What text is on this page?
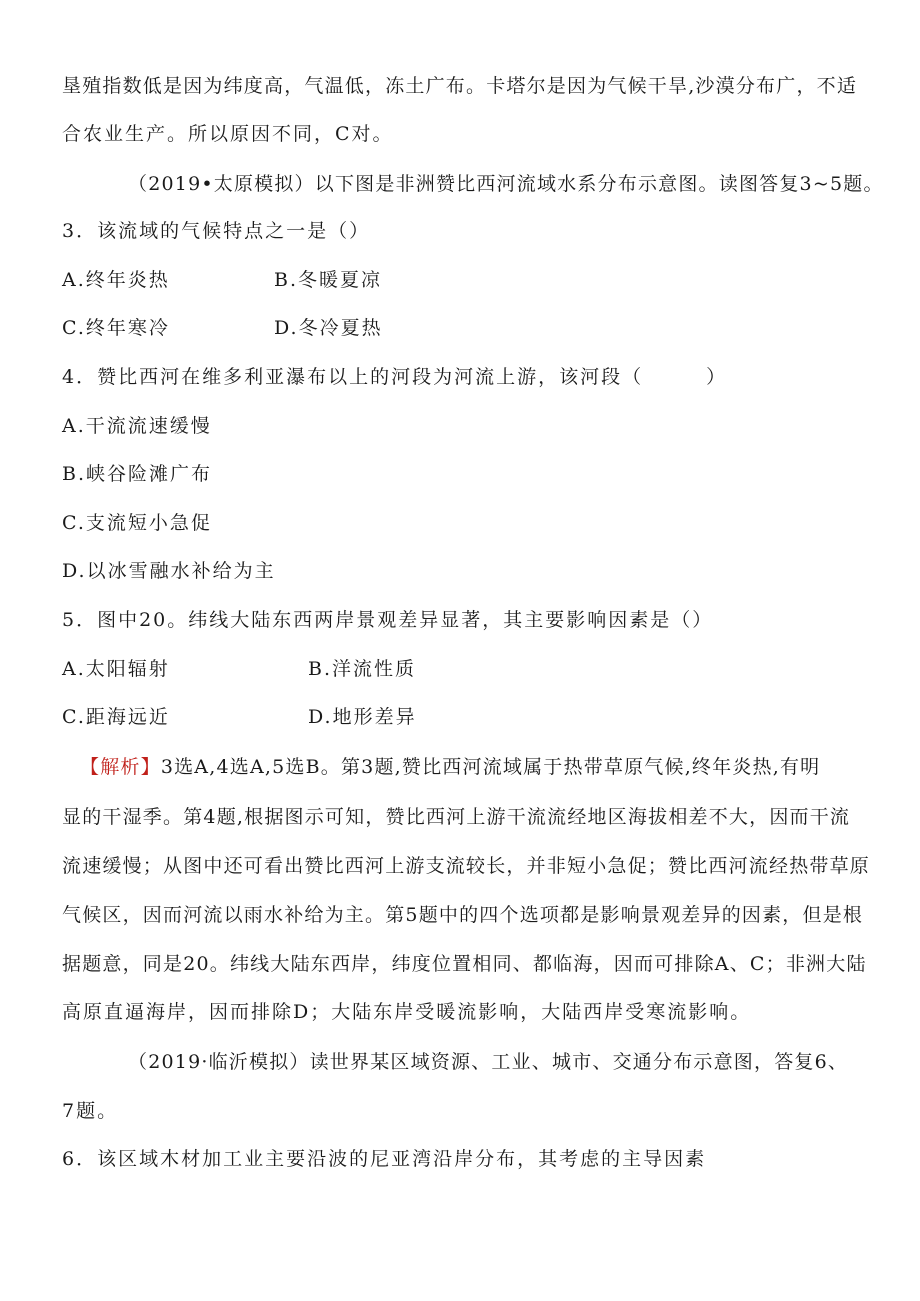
垦殖指数低是因为纬度高，气温低，冻土广布。卡塔尔是因为气候干旱,沙漠分布广，不适
合农业生产。所以原因不同，C对。
（2019•太原模拟）以下图是非洲赞比西河流域水系分布示意图。读图答复3~5题。
3．该流域的气候特点之一是（）
A.终年炎热	B.冬暖夏凉
C.终年寒冷	D.冬冷夏热
4．赞比西河在维多利亚瀑布以上的河段为河流上游，该河段（　　　）
A.干流流速缓慢
B.峡谷险滩广布
C.支流短小急促
D.以冰雪融水补给为主
5．图中20。纬线大陆东西两岸景观差异显著，其主要影响因素是（）
A.太阳辐射	B.洋流性质
C.距海远近	D.地形差异
【解析】3选A,4选A,5选B。第3题,赞比西河流域属于热带草原气候,终年炎热,有明
显的干湿季。第4题,根据图示可知，赞比西河上游干流流经地区海拔相差不大，因而干流
流速缓慢；从图中还可看出赞比西河上游支流较长，并非短小急促；赞比西河流经热带草原
气候区，因而河流以雨水补给为主。第5题中的四个选项都是影响景观差异的因素，但是根
据题意，同是20。纬线大陆东西岸，纬度位置相同、都临海，因而可排除A、C；非洲大陆
高原直逼海岸，因而排除D；大陆东岸受暖流影响，大陆西岸受寒流影响。
（2019·临沂模拟）读世界某区域资源、工业、城市、交通分布示意图，答复6、
7题。
6．该区域木材加工业主要沿波的尼亚湾沿岸分布，其考虑的主导因素
